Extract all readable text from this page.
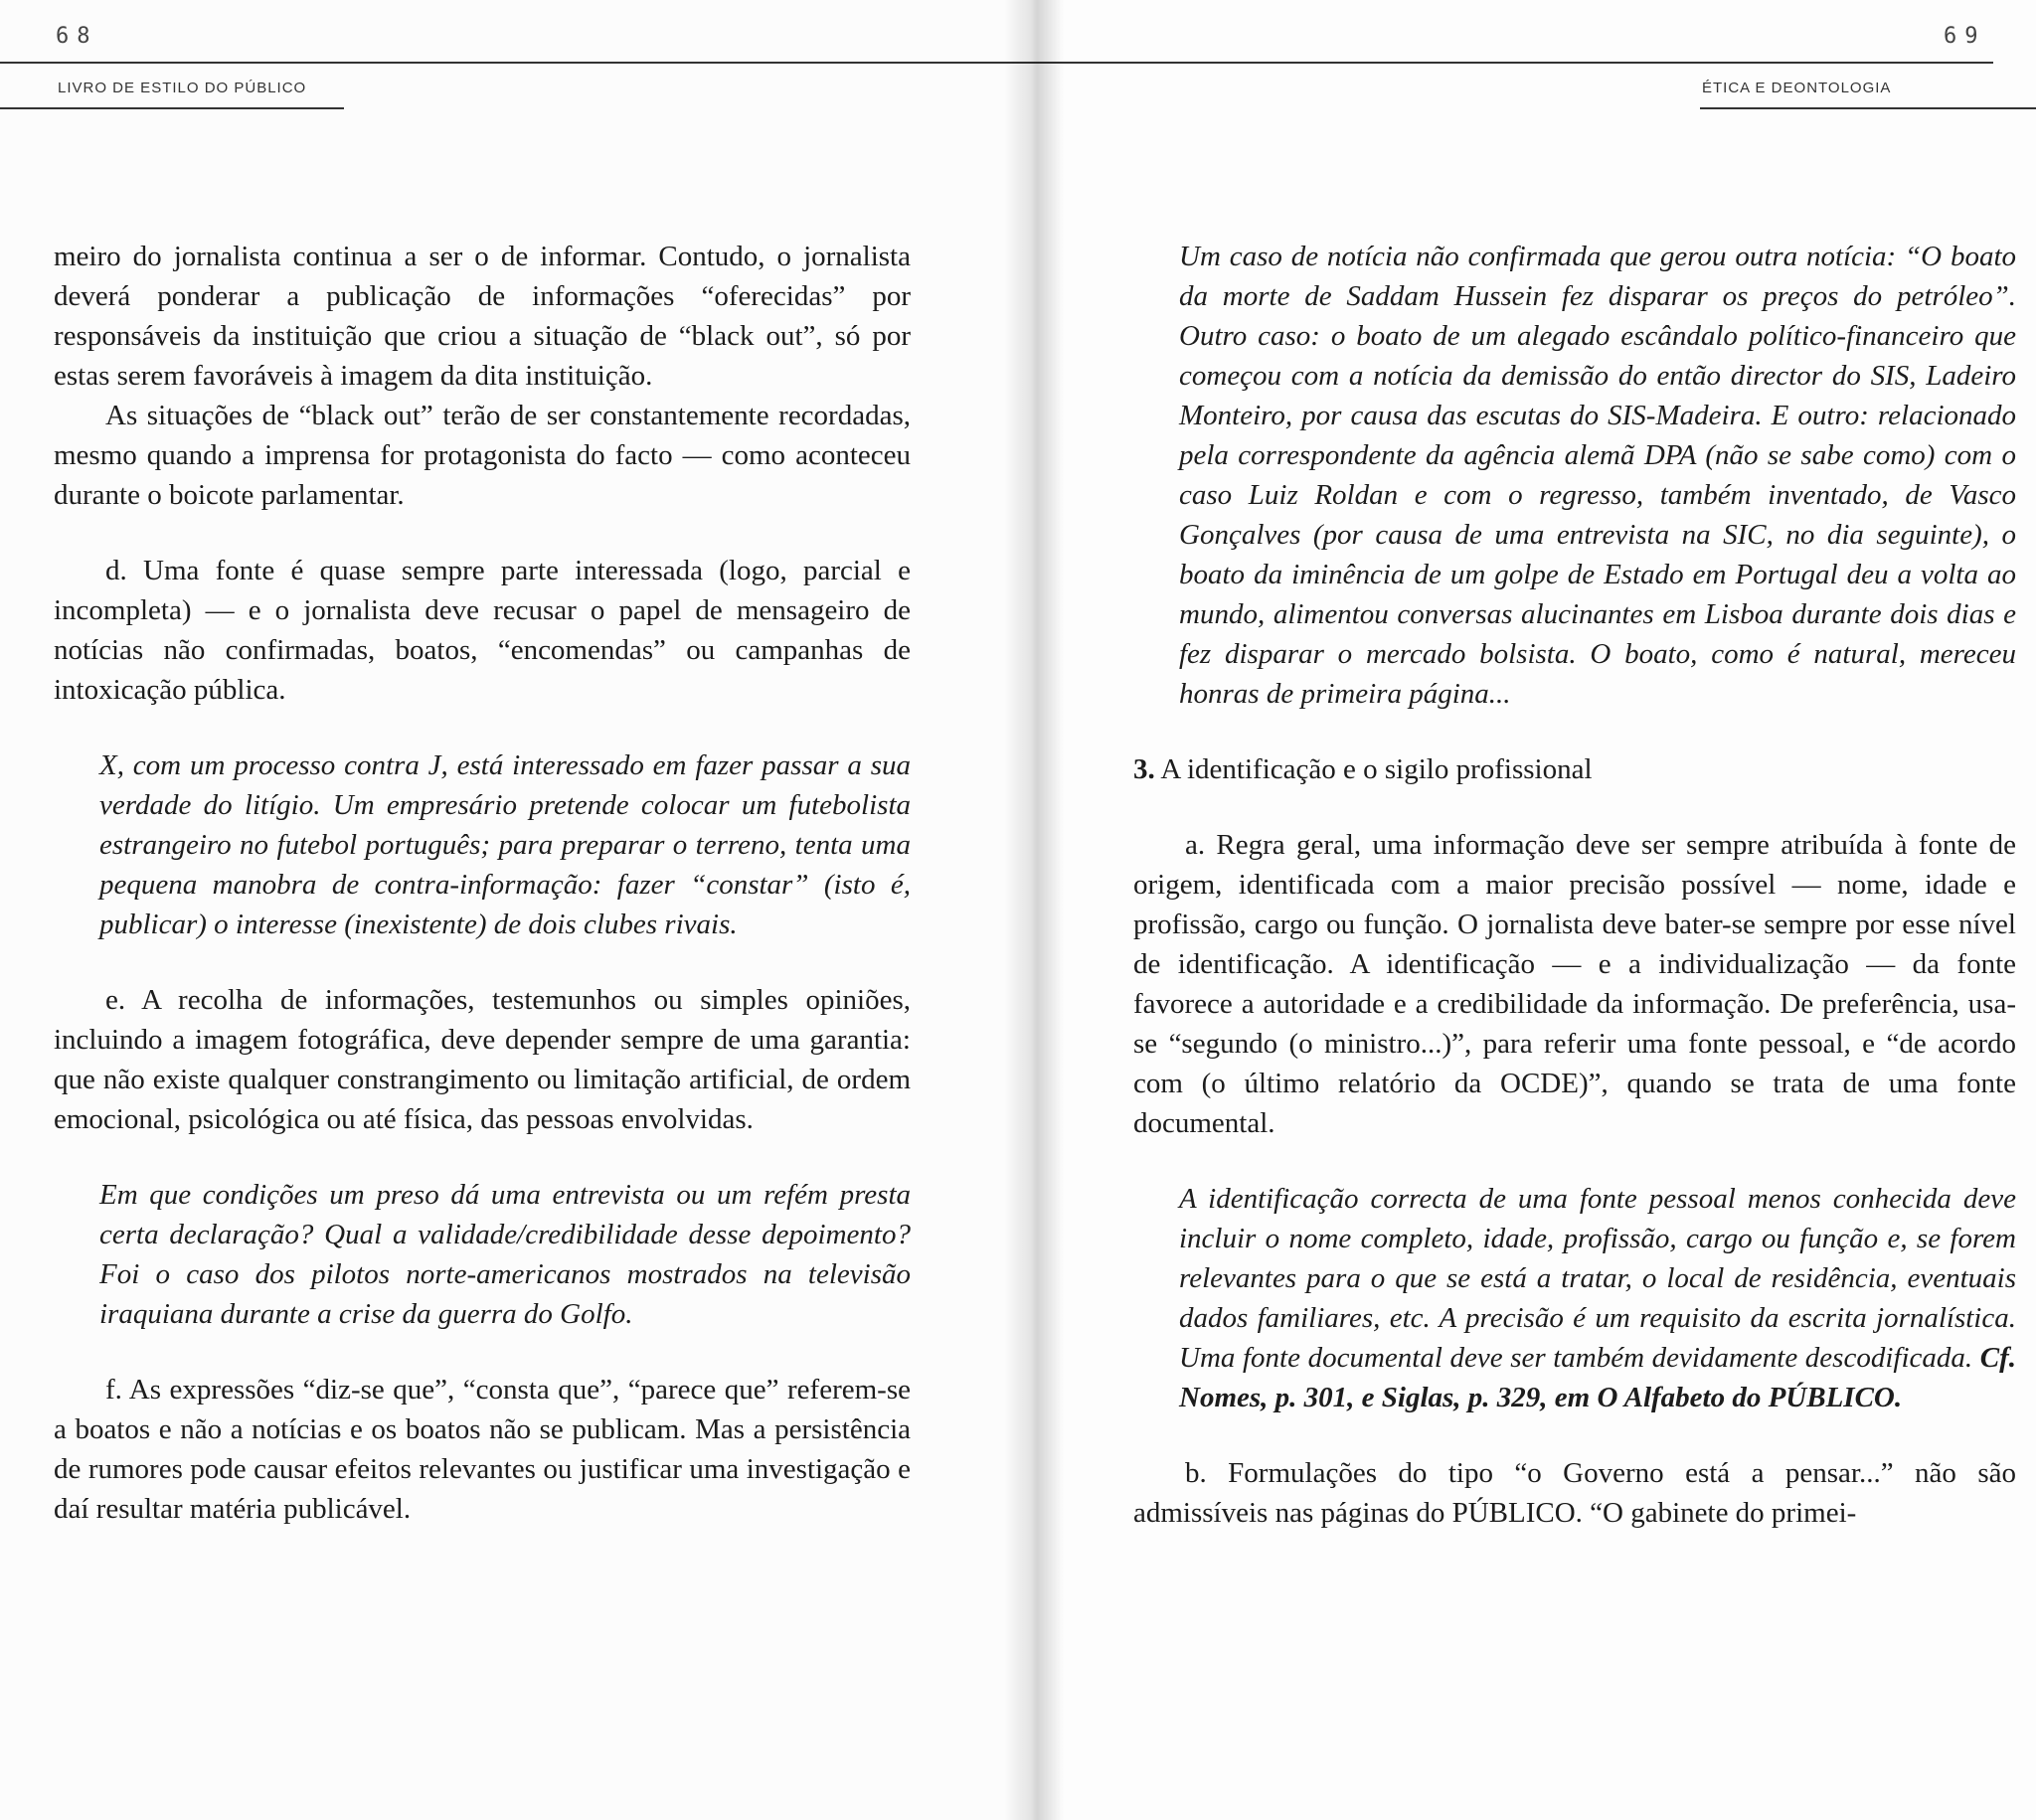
68
LIVRO DE ESTILO DO PÚBLICO

meiro do jornalista continua a ser o de informar. Contudo, o jornalista deverá ponderar a publicação de informações “oferecidas” por responsáveis da instituição que criou a situação de “black out”, só por estas serem favoráveis à imagem da dita instituição.

As situações de “black out” terão de ser constantemente recordadas, mesmo quando a imprensa for protagonista do facto — como aconteceu durante o boicote parlamentar.

d. Uma fonte é quase sempre parte interessada (logo, parcial e incompleta) — e o jornalista deve recusar o papel de mensageiro de notícias não confirmadas, boatos, “encomendas” ou campanhas de intoxicação pública.

X, com um processo contra J, está interessado em fazer passar a sua verdade do litígio. Um empresário pretende colocar um futebolista estrangeiro no futebol português; para preparar o terreno, tenta uma pequena manobra de contra-informação: fazer “constar” (isto é, publicar) o interesse (inexistente) de dois clubes rivais.

e. A recolha de informações, testemunhos ou simples opiniões, incluindo a imagem fotográfica, deve depender sempre de uma garantia: que não existe qualquer constrangimento ou limitação artificial, de ordem emocional, psicológica ou até física, das pessoas envolvidas.

Em que condições um preso dá uma entrevista ou um refém presta certa declaração? Qual a validade/credibilidade desse depoimento? Foi o caso dos pilotos norte-americanos mostrados na televisão iraquiana durante a crise da guerra do Golfo.

f. As expressões “diz-se que”, “consta que”, “parece que” referem-se a boatos e não a notícias e os boatos não se publicam. Mas a persistência de rumores pode causar efeitos relevantes ou justificar uma investigação e daí resultar matéria publicável.

69
ÉTICA E DEONTOLOGIA

Um caso de notícia não confirmada que gerou outra notícia: “O boato da morte de Saddam Hussein fez disparar os preços do petróleo”. Outro caso: o boato de um alegado escândalo político-financeiro que começou com a notícia da demissão do então director do SIS, Ladeiro Monteiro, por causa das escutas do SIS-Madeira. E outro: relacionado pela correspondente da agência alemã DPA (não se sabe como) com o caso Luiz Roldan e com o regresso, também inventado, de Vasco Gonçalves (por causa de uma entrevista na SIC, no dia seguinte), o boato da iminência de um golpe de Estado em Portugal deu a volta ao mundo, alimentou conversas alucinantes em Lisboa durante dois dias e fez disparar o mercado bolsista. O boato, como é natural, mereceu honras de primeira página...

3. A identificação e o sigilo profissional

a. Regra geral, uma informação deve ser sempre atribuída à fonte de origem, identificada com a maior precisão possível — nome, idade e profissão, cargo ou função. O jornalista deve bater-se sempre por esse nível de identificação. A identificação — e a individualização — da fonte favorece a autoridade e a credibilidade da informação. De preferência, usa-se “segundo (o ministro...)”, para referir uma fonte pessoal, e “de acordo com (o último relatório da OCDE)”, quando se trata de uma fonte documental.

A identificação correcta de uma fonte pessoal menos conhecida deve incluir o nome completo, idade, profissão, cargo ou função e, se forem relevantes para o que se está a tratar, o local de residência, eventuais dados familiares, etc. A precisão é um requisito da escrita jornalística. Uma fonte documental deve ser também devidamente descodificada. Cf. Nomes, p. 301, e Siglas, p. 329, em O Alfabeto do PÚBLICO.

b. Formulações do tipo “o Governo está a pensar...” não são admissíveis nas páginas do PÚBLICO. “O gabinete do primei-
